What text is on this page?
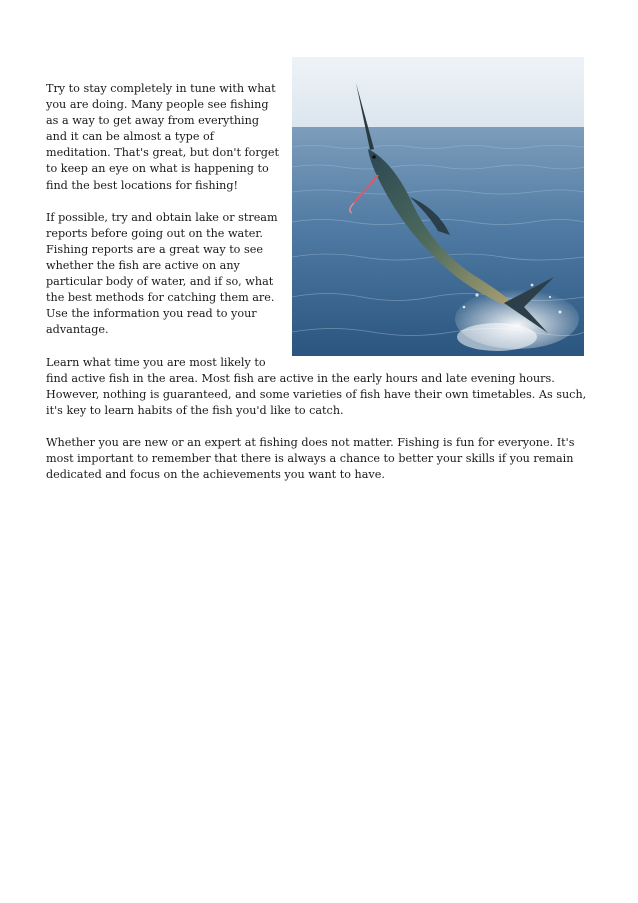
Try to stay completely in tune with what you are doing. Many people see fishing as a way to get away from everything and it can be almost a type of meditation. That's great, but don't forget to keep an eye on what is happening to find the best locations for fishing!

If possible, try and obtain lake or stream reports before going out on the water. Fishing reports are a great way to see whether the fish are active on any particular body of water, and if so, what the best methods for catching them are. Use the information you read to your advantage.

Learn what time you are most likely to find active fish in the area. Most fish are active in the early hours and late evening hours. However, nothing is guaranteed, and some varieties of fish have their own timetables. As such, it's key to learn habits of the fish you'd like to catch.

Whether you are new or an expert at fishing does not matter. Fishing is fun for everyone. It's most important to remember that there is always a chance to better your skills if you remain dedicated and focus on the achievements you want to have.
